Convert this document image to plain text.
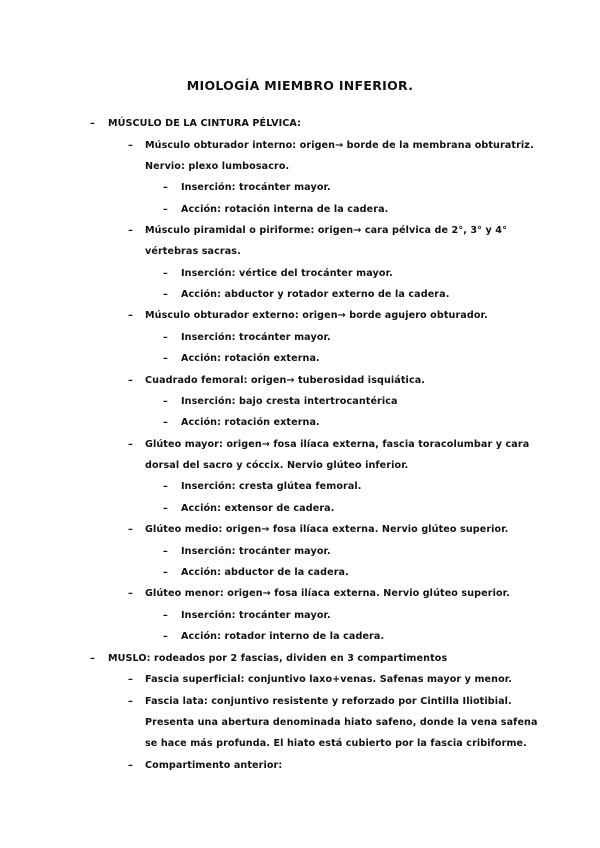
MIOLOGÍA MIEMBRO INFERIOR.
– MÚSCULO DE LA CINTURA PÉLVICA:
– Músculo obturador interno: origen→ borde de la membrana obturatriz.
Nervio: plexo lumbosacro.
– Inserción: trocánter mayor.
– Acción: rotación interna de la cadera.
– Músculo piramidal o piriforme: origen→ cara pélvica de 2°, 3° y 4°
vértebras sacras.
– Inserción: vértice del trocánter mayor.
– Acción: abductor y rotador externo de la cadera.
– Músculo obturador externo: origen→ borde agujero obturador.
– Inserción: trocánter mayor.
– Acción: rotación externa.
– Cuadrado femoral: origen→ tuberosidad isquiática.
– Inserción: bajo cresta intertrocantérica
– Acción: rotación externa.
– Glúteo mayor: origen→ fosa ilíaca externa, fascia toracolumbar y cara
dorsal del sacro y cóccix. Nervio glúteo inferior.
– Inserción: cresta glútea femoral.
– Acción: extensor de cadera.
– Glúteo medio: origen→ fosa ilíaca externa. Nervio glúteo superior.
– Inserción: trocánter mayor.
– Acción: abductor de la cadera.
– Glúteo menor: origen→ fosa ilíaca externa. Nervio glúteo superior.
– Inserción: trocánter mayor.
– Acción: rotador interno de la cadera.
– MUSLO: rodeados por 2 fascias, dividen en 3 compartimentos
– Fascia superficial: conjuntivo laxo+venas. Safenas mayor y menor.
– Fascia lata: conjuntivo resistente y reforzado por Cintilla Iliotibial.
Presenta una abertura denominada hiato safeno, donde la vena safena
se hace más profunda. El hiato está cubierto por la fascia cribiforme.
– Compartimento anterior:
